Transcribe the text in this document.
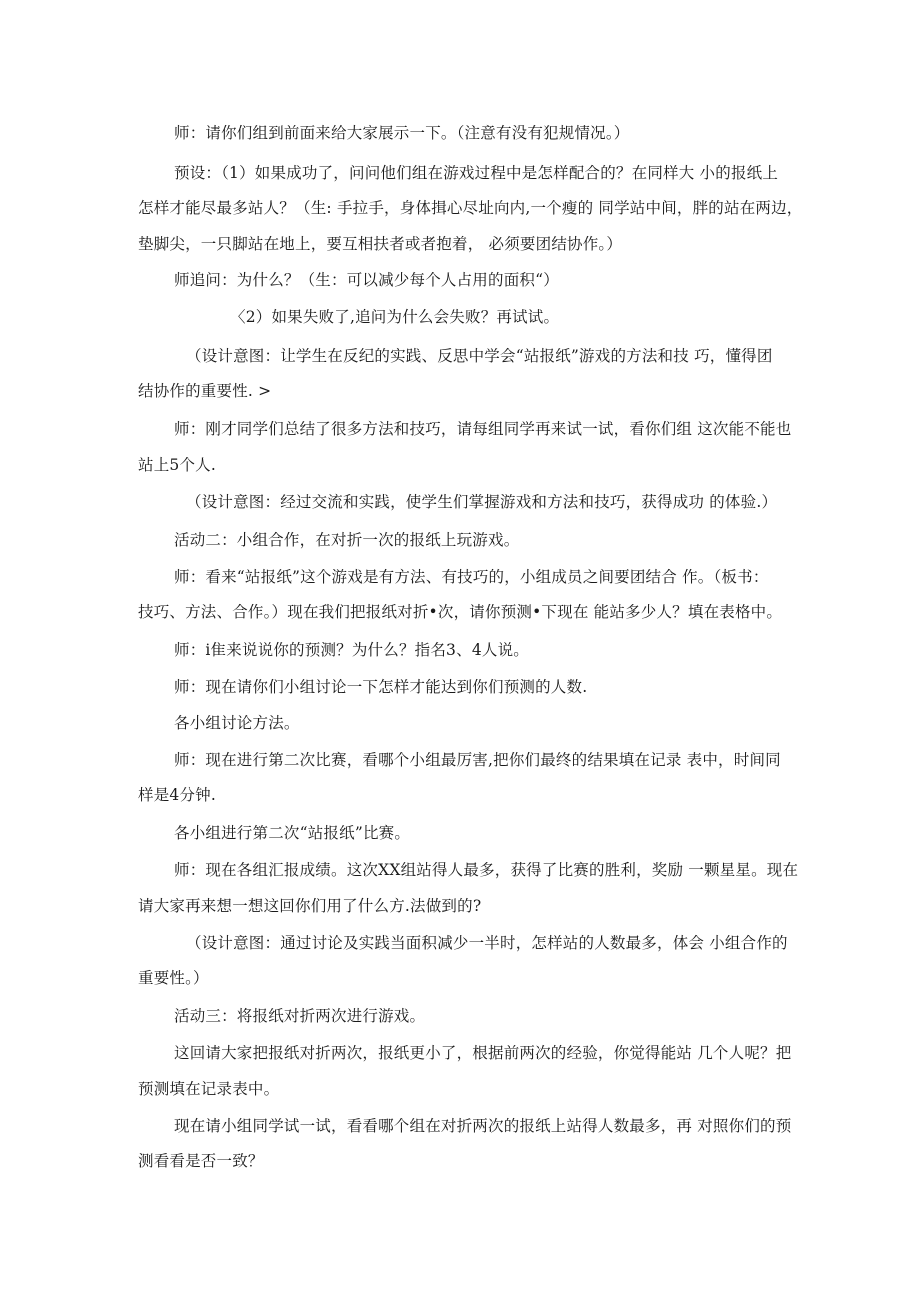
师：请你们组到前面来给大家展示一下。（注意有没有犯规情况。）
预设：（1）如果成功了，问问他们组在游戏过程中是怎样配合的？在同样大 小的报纸上
怎样才能尽最多站人？（生: 手拉手，身体揖心尽址向内,一个瘦的 同学站中间，胖的站在两边，
垫脚尖，一只脚站在地上，要互相扶者或者抱着， 必须要团结协作。）
师追问：为什么？（生：可以减少每个人占用的面积“）
〈2）如果失败了,追问为什么会失败？再试试。
（设计意图：让学生在反纪的实践、反思中学会“站报纸”游戏的方法和技 巧，懂得团
结协作的重要性. >
师：刚才同学们总结了很多方法和技巧，请每组同学再来试一试，看你们组 这次能不能也
站上5个人.
（设计意图：经过交流和实践，使学生们掌握游戏和方法和技巧，获得成功 的体验.）
活动二：小组合作，在对折一次的报纸上玩游戏。
师：看来“站报纸”这个游戏是有方法、有技巧的，小组成员之间要团结合 作。（板书：
技巧、方法、合作。）现在我们把报纸对折•次，请你预测•下现在 能站多少人？填在表格中。
师：i隹来说说你的预测？为什么？指名3、4人说。
师：现在请你们小组讨论一下怎样才能达到你们预测的人数.
各小组讨论方法。
师：现在进行第二次比赛，看哪个小组最厉害,把你们最终的结果填在记录 表中，时间同
样是4分钟.
各小组进行第二次“站报纸”比赛。
师：现在各组汇报成绩。这次XX组站得人最多，获得了比赛的胜利，奖励 一颗星星。现在
请大家再来想一想这回你们用了什么方.法做到的?
（设计意图：通过讨论及实践当面积减少一半时，怎样站的人数最多，体会 小组合作的
重要性。）
活动三：将报纸对折两次进行游戏。
这回请大家把报纸对折两次，报纸更小了，根据前两次的经验，你觉得能站 几个人呢？把
预测填在记录表中。
现在请小组同学试一试，看看哪个组在对折两次的报纸上站得人数最多，再 对照你们的预
测看看是否一致？
